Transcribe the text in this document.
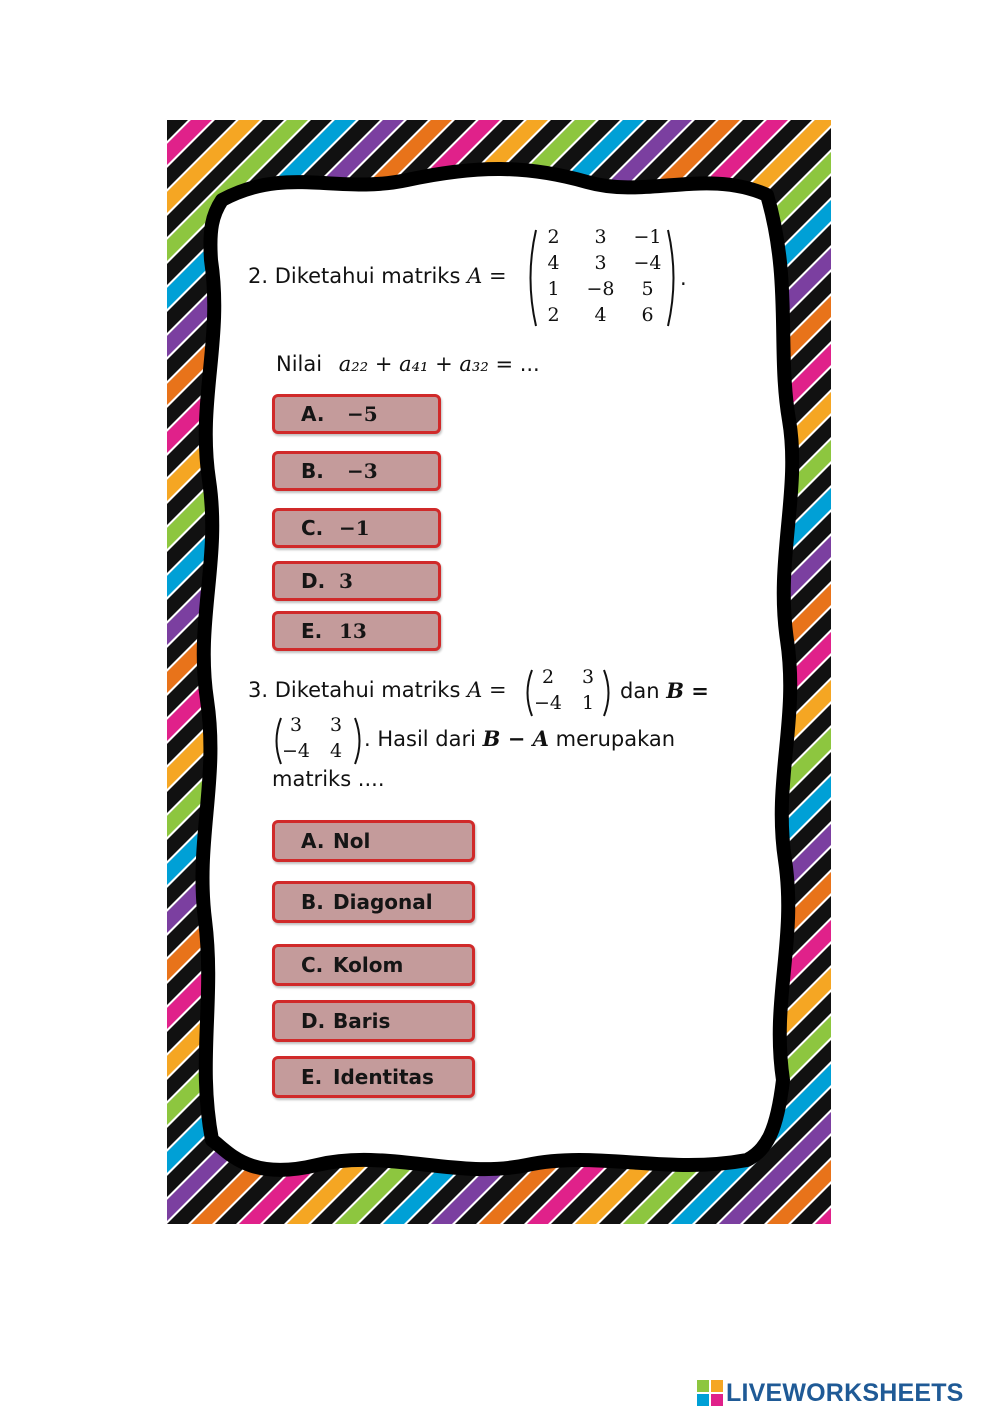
2. Diketahui matriks A =
2	3	−1
4	3	−4
1	−8	5
2	4	6
.
Nilai a₂₂ + a₄₁ + a₃₂ = ...
A. −5
B. −3
C. −1
D. 3
E. 13
3. Diketahui matriks A =
2	3
−4	1	dan B =
3	3
−4	4	. Hasil dari B − A merupakan
matriks ....
A. Nol
B. Diagonal
C. Kolom
D. Baris
E. Identitas
LIVEWORKSHEETS
